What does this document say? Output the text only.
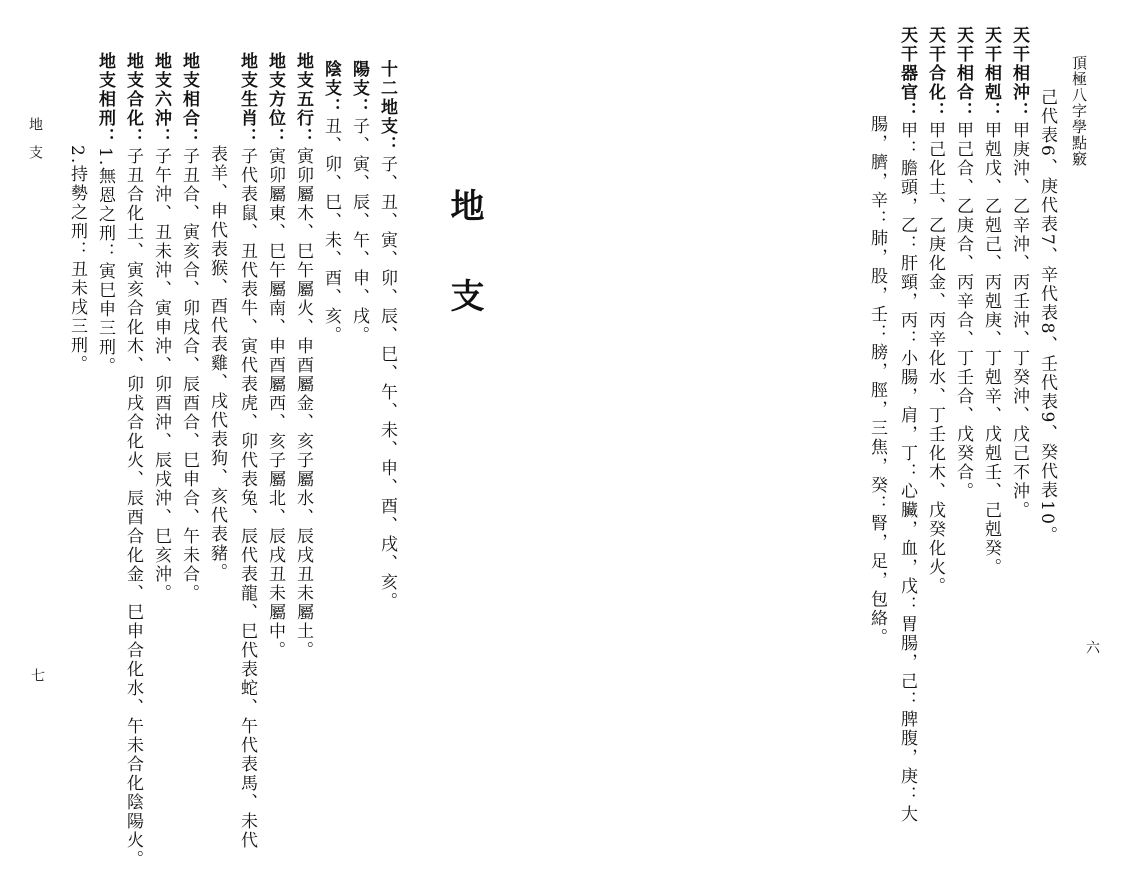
地支
七
地支
十二地支：子、丑、寅、卯、辰、巳、午、未、申、酉、戌、亥。
陽支：子、寅、辰、午、申、戌。
陰支：丑、卯、巳、未、酉、亥。
地支五行：寅卯屬木、巳午屬火、申酉屬金、亥子屬水、辰戌丑未屬土。
地支方位：寅卯屬東、巳午屬南、申酉屬西、亥子屬北、辰戌丑未屬中。
地支生肖：子代表鼠、丑代表牛、寅代表虎、卯代表兔、辰代表龍、巳代表蛇、午代表馬、未代
表羊、申代表猴、酉代表雞、戌代表狗、亥代表豬。
地支相合：子丑合、寅亥合、卯戌合、辰酉合、巳申合、午未合。
地支六沖：子午沖、丑未沖、寅申沖、卯酉沖、辰戌沖、巳亥沖。
地支合化：子丑合化土、寅亥合化木、卯戌合化火、辰酉合化金、巳申合化水、午未合化陰陽火。
地支相刑：1.無恩之刑：寅巳申三刑。
2.持勢之刑：丑未戌三刑。
頂極八字學點竅
六
己代表6、庚代表7、辛代表8、壬代表9、癸代表10。
天干相沖：甲庚沖、乙辛沖、丙壬沖、丁癸沖、戊己不沖。
天干相剋：甲剋戊、乙剋己、丙剋庚、丁剋辛、戊剋壬、己剋癸。
天干相合：甲己合、乙庚合、丙辛合、丁壬合、戊癸合。
天干合化：甲己化土、乙庚化金、丙辛化水、丁壬化木、戊癸化火。
天干器官：甲：膽頭，乙：肝頸，丙：小腸，肩，丁：心臟，血，戊：胃腸，己：脾腹，庚：大
腸，臍，辛：肺，股，壬：膀，脛，三焦，癸：腎，足，包絡。
